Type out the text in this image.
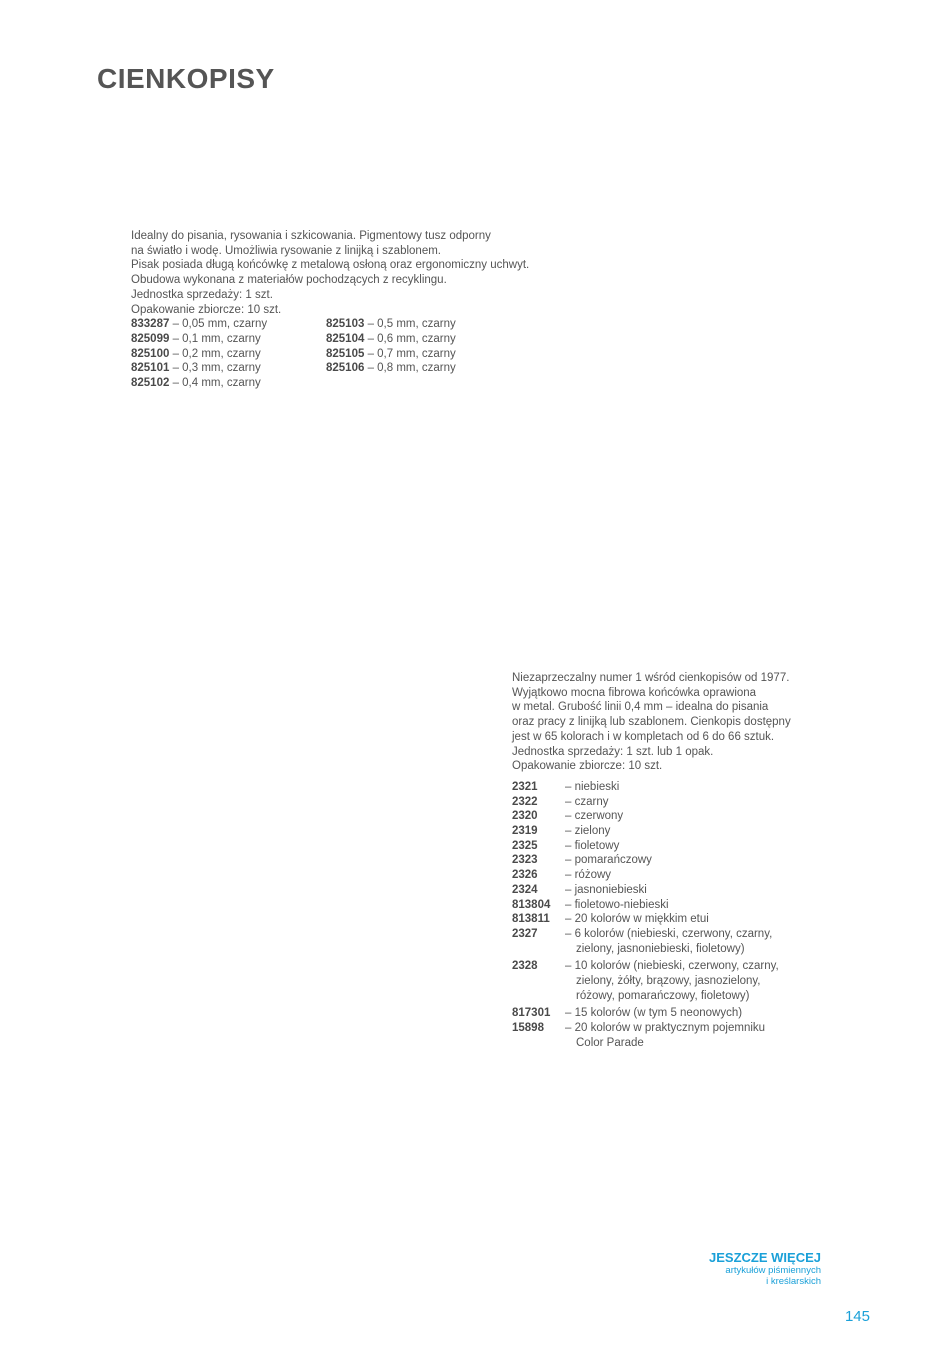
CIENKOPISY

Idealny do pisania, rysowania i szkicowania. Pigmentowy tusz odporny

na światło i wodę. Umożliwia rysowanie z linijką i szablonem.

Pisak posiada długą końcówkę z metalową osłoną oraz ergonomiczny uchwyt.

Obudowa wykonana z materiałów pochodzących z recyklingu.

Jednostka sprzedaży: 1 szt.

Opakowanie zbiorcze: 10 szt.

833287 – 0,05 mm, czarny
825099 – 0,1 mm, czarny
825100 – 0,2 mm, czarny
825101 – 0,3 mm, czarny
825102 – 0,4 mm, czarny
825103 – 0,5 mm, czarny
825104 – 0,6 mm, czarny
825105 – 0,7 mm, czarny
825106 – 0,8 mm, czarny

Niezaprzeczalny numer 1 wśród cienkopisów od 1977.

Wyjątkowo mocna fibrowa końcówka oprawiona

w metal. Grubość linii 0,4 mm – idealna do pisania

oraz pracy z linijką lub szablonem. Cienkopis dostępny

jest w 65 kolorach i w kompletach od 6 do 66 sztuk.

Jednostka sprzedaży: 1 szt. lub 1 opak.

Opakowanie zbiorcze: 10 szt.

2321	– niebieski
2322	– czarny
2320	– czerwony
2319	– zielony
2325	– fioletowy
2323	– pomarańczowy
2326	– różowy
2324	– jasnoniebieski
813804	– fioletowo-niebieski
813811	– 20 kolorów w miękkim etui
2327	– 6 kolorów (niebieski, czerwony, czarny,
zielony, jasnoniebieski, fioletowy)
2328	– 10 kolorów (niebieski, czerwony, czarny,
zielony, żółty, brązowy, jasnozielony,
różowy, pomarańczowy, fioletowy)
817301	– 15 kolorów (w tym 5 neonowych)
15898	– 20 kolorów w praktycznym pojemniku
Color Parade
JESZCZE WIĘCEJ
artykułów piśmiennych
i kreślarskich
145
